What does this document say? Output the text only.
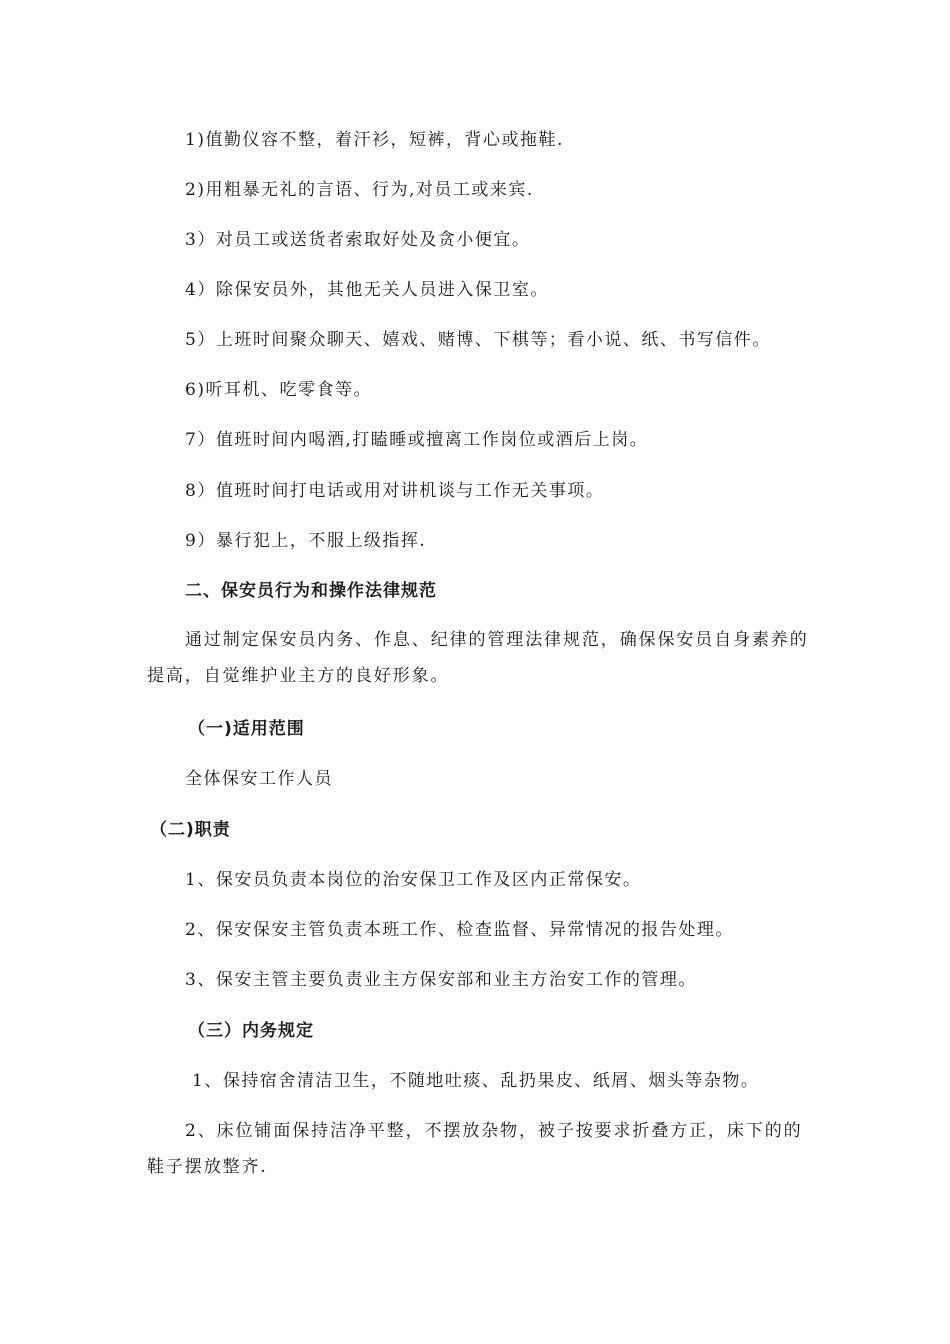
1)值勤仪容不整，着汗衫，短裤，背心或拖鞋.
2)用粗暴无礼的言语、行为,对员工或来宾.
3）对员工或送货者索取好处及贪小便宜。
4）除保安员外，其他无关人员进入保卫室。
5）上班时间聚众聊天、嬉戏、赌博、下棋等；看小说、纸、书写信件。
6)听耳机、吃零食等。
7）值班时间内喝酒,打瞌睡或擅离工作岗位或酒后上岗。
8）值班时间打电话或用对讲机谈与工作无关事项。
9）暴行犯上，不服上级指挥.
二、保安员行为和操作法律规范
通过制定保安员内务、作息、纪律的管理法律规范，确保保安员自身素养的提高，自觉维护业主方的良好形象。
（一)适用范围
全体保安工作人员
（二)职责
1、保安员负责本岗位的治安保卫工作及区内正常保安。
2、保安保安主管负责本班工作、检查监督、异常情况的报告处理。
3、保安主管主要负责业主方保安部和业主方治安工作的管理。
（三）内务规定
1、保持宿舍清洁卫生，不随地吐痰、乱扔果皮、纸屑、烟头等杂物。
2、床位铺面保持洁净平整，不摆放杂物，被子按要求折叠方正，床下的的鞋子摆放整齐.
